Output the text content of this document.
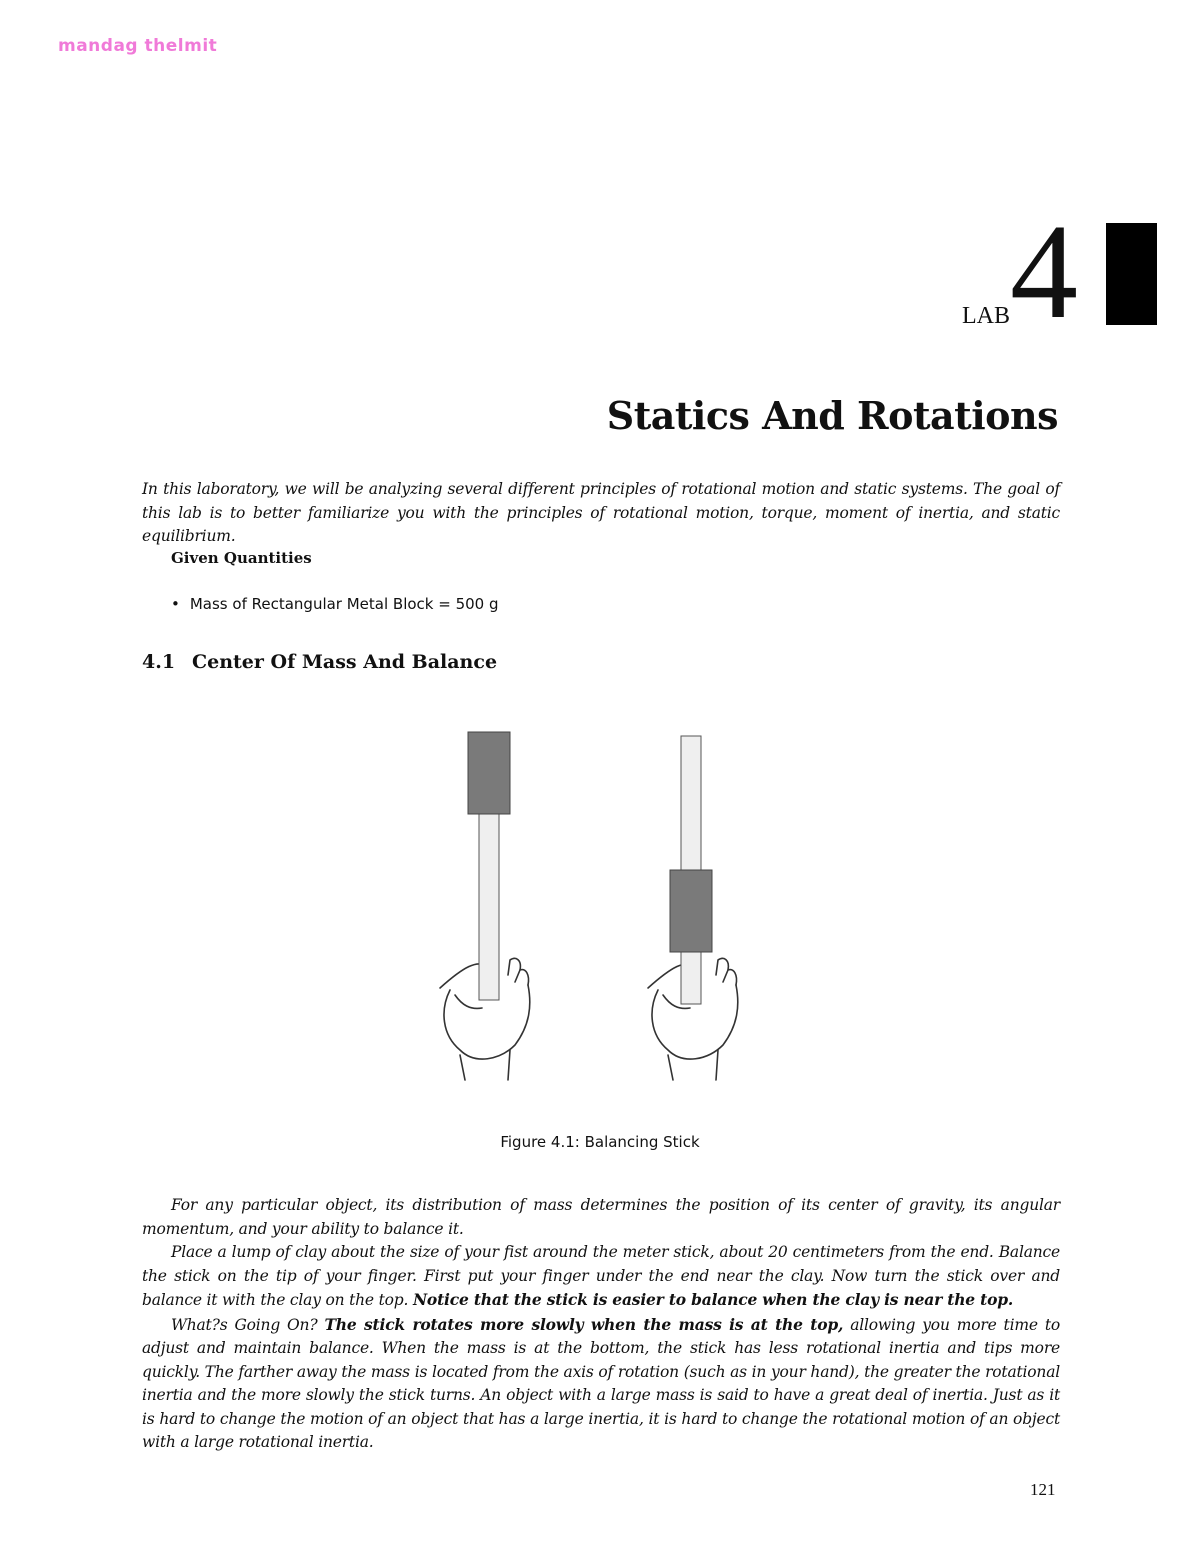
mandag thelmit
LAB 4
Statics And Rotations

In this laboratory, we will be analyzing several different principles of rotational motion and static systems. The goal of this lab is to better familiarize you with the principles of rotational motion, torque, moment of inertia, and static equilibrium.

Given Quantities
• Mass of Rectangular Metal Block = 500 g
4.1 Center Of Mass And Balance
Figure 4.1: Balancing Stick

For any particular object, its distribution of mass determines the position of its center of gravity, its angular momentum, and your ability to balance it.

Place a lump of clay about the size of your fist around the meter stick, about 20 centimeters from the end. Balance the stick on the tip of your finger. First put your finger under the end near the clay. Now turn the stick over and balance it with the clay on the top. Notice that the stick is easier to balance when the clay is near the top.

What?s Going On? The stick rotates more slowly when the mass is at the top, allowing you more time to adjust and maintain balance. When the mass is at the bottom, the stick has less rotational inertia and tips more quickly. The farther away the mass is located from the axis of rotation (such as in your hand), the greater the rotational inertia and the more slowly the stick turns. An object with a large mass is said to have a great deal of inertia. Just as it is hard to change the motion of an object that has a large inertia, it is hard to change the rotational motion of an object with a large rotational inertia.

121
